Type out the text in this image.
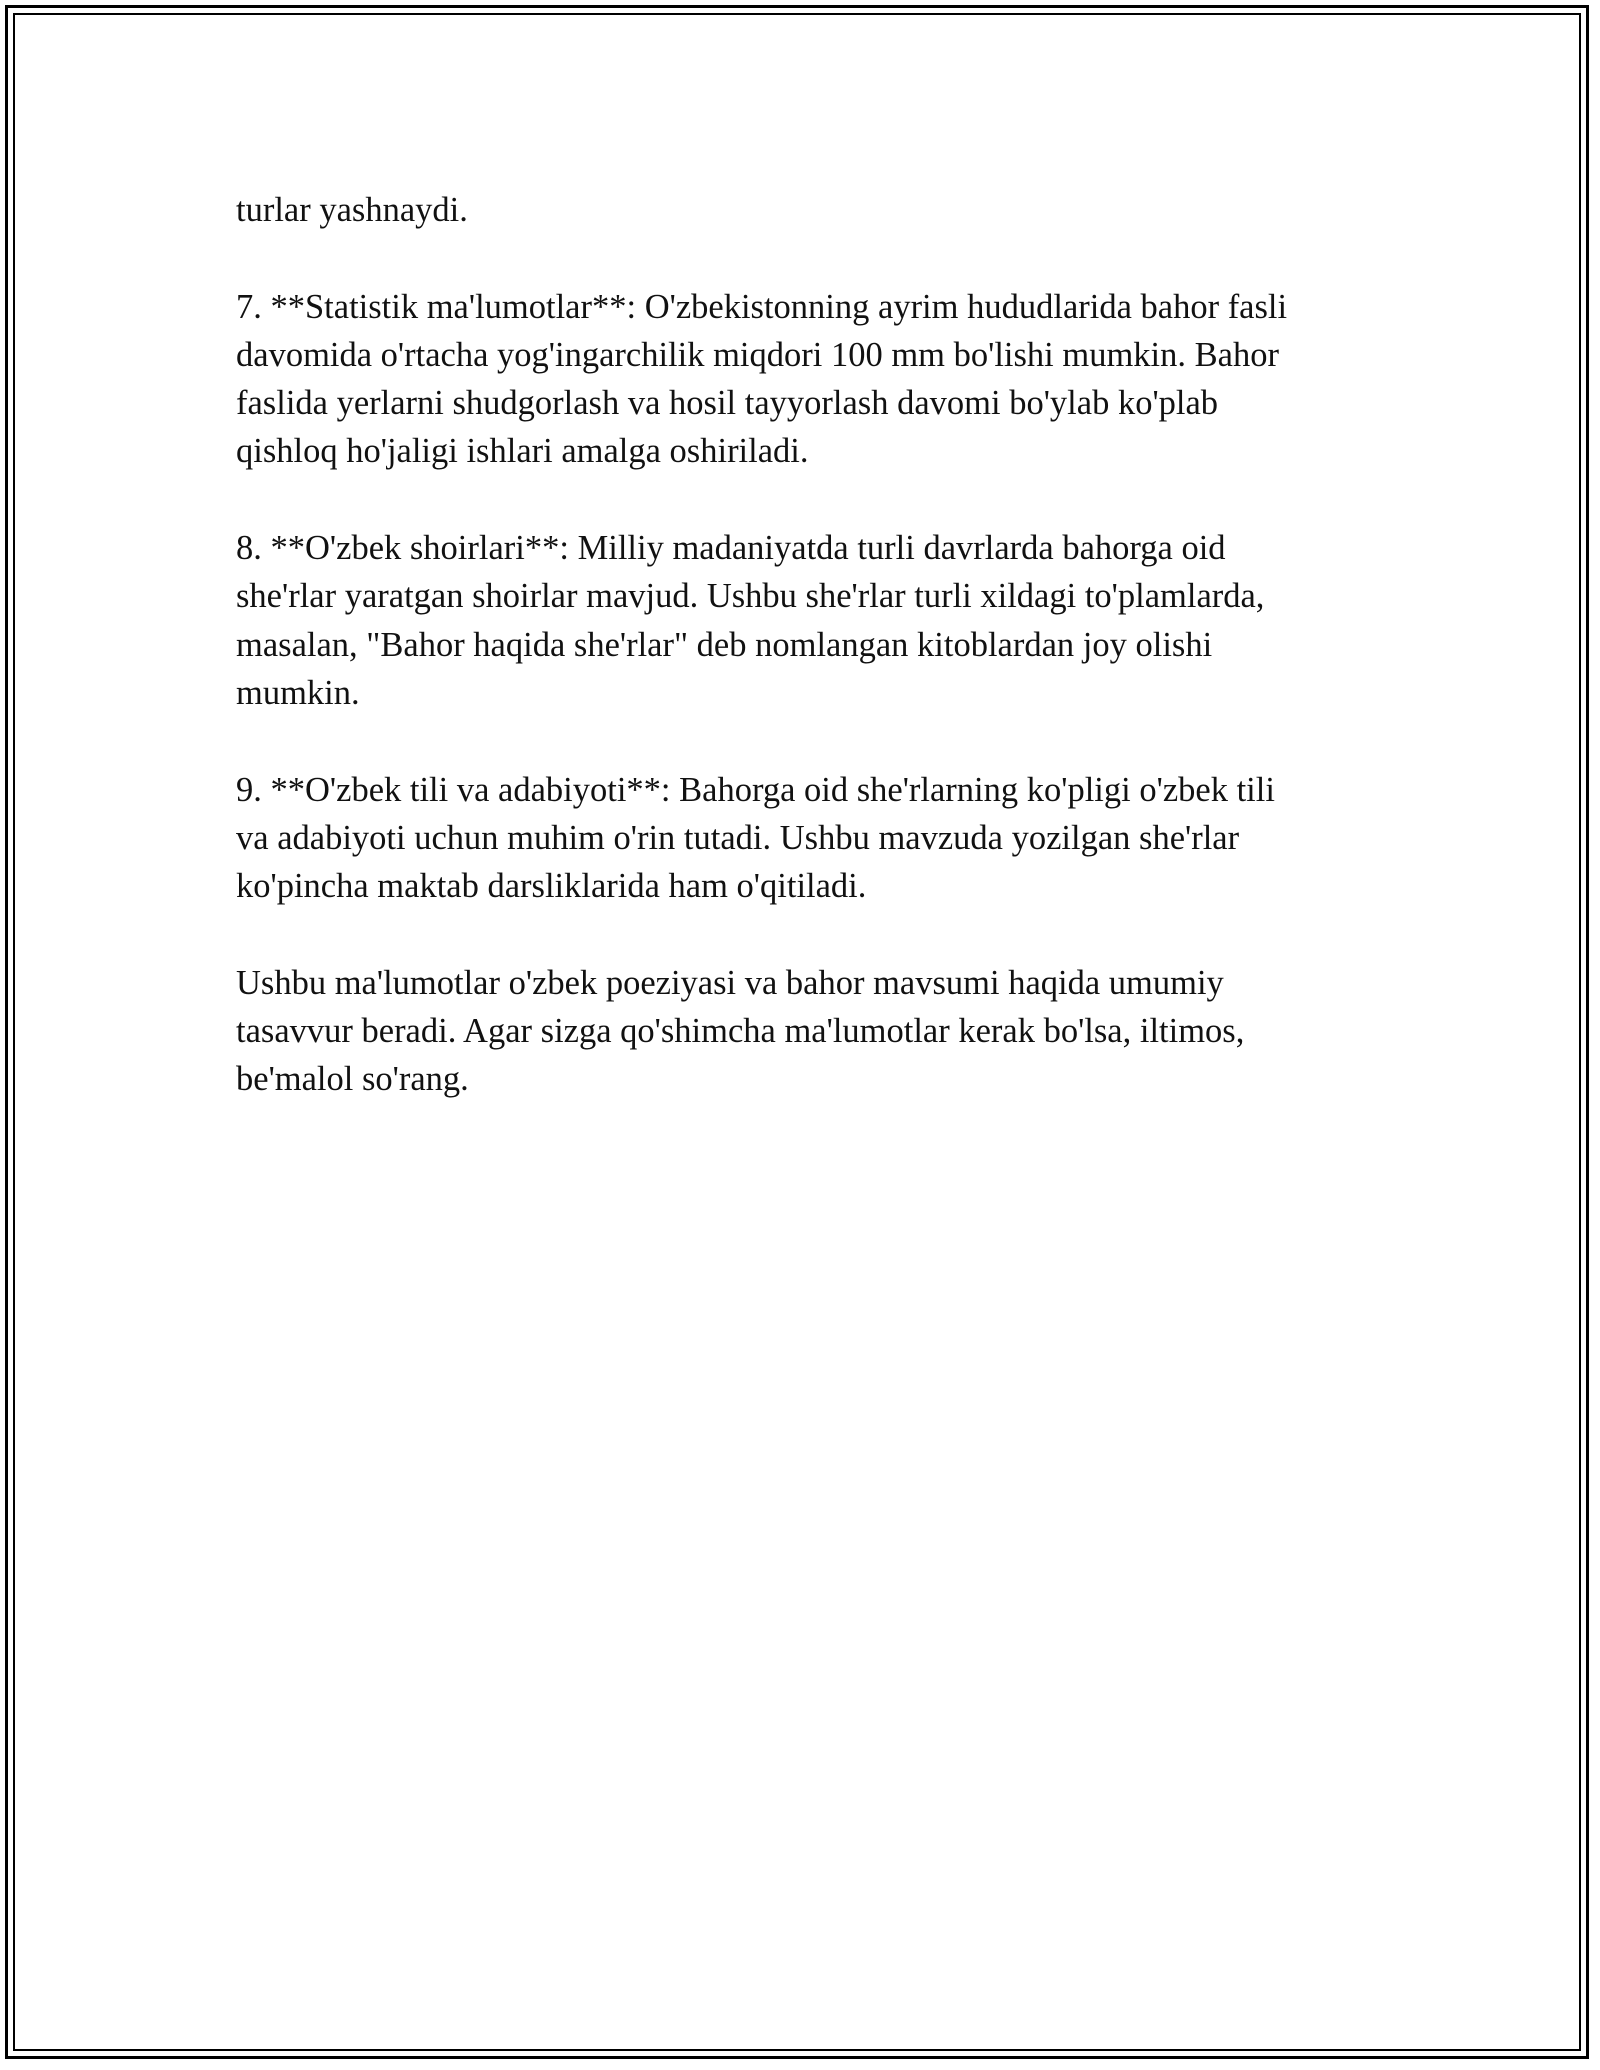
turlar yashnaydi.

7. **Statistik ma'lumotlar**: O'zbekistonning ayrim hududlarida bahor fasli
davomida o'rtacha yog'ingarchilik miqdori 100 mm bo'lishi mumkin. Bahor
faslida yerlarni shudgorlash va hosil tayyorlash davomi bo'ylab ko'plab
qishloq ho'jaligi ishlari amalga oshiriladi.

8. **O'zbek shoirlari**: Milliy madaniyatda turli davrlarda bahorga oid
she'rlar yaratgan shoirlar mavjud. Ushbu she'rlar turli xildagi to'plamlarda,
masalan, "Bahor haqida she'rlar" deb nomlangan kitoblardan joy olishi
mumkin.

9. **O'zbek tili va adabiyoti**: Bahorga oid she'rlarning ko'pligi o'zbek tili
va adabiyoti uchun muhim o'rin tutadi. Ushbu mavzuda yozilgan she'rlar
ko'pincha maktab darsliklarida ham o'qitiladi.

Ushbu ma'lumotlar o'zbek poeziyasi va bahor mavsumi haqida umumiy
tasavvur beradi. Agar sizga qo'shimcha ma'lumotlar kerak bo'lsa, iltimos,
be'malol so'rang.
